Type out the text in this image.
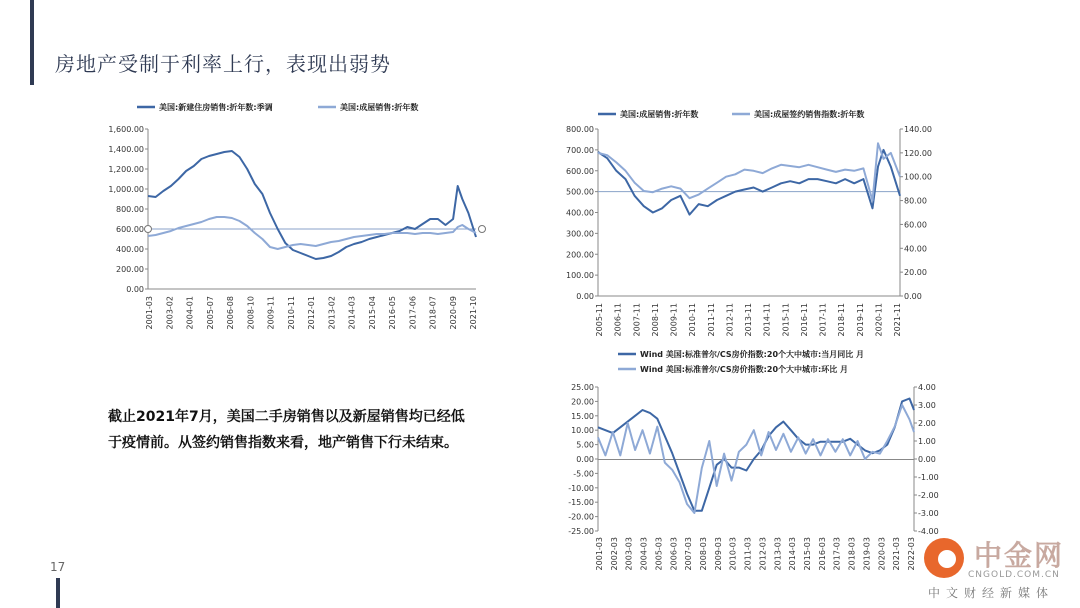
房地产受制于利率上行，表现出弱势
17
截止2021年7月，美国二手房销售以及新屋销售均已经低
于疫情前。从签约销售指数来看，地产销售下行未结束。
美国:新建住房销售:折年数:季调	美国:成屋销售:折年数
1,600.00
1,400.00
1,200.00
1,000.00
800.00
600.00
400.00
200.00
0.00
2001-03 2003-02 2004-01 2005-07 2006-08 2008-10 2009-11 2010-11 2012-01 2013-02 2014-03 2015-04 2016-05 2017-06 2018-07 2020-09 2021-10
美国:成屋销售:折年数	美国:成屋签约销售指数:折年数
800.00
700.00
600.00
500.00
400.00
300.00
200.00
100.00
0.00
140.00
120.00
100.00
80.00
60.00
40.00
20.00
0.00
2005-11 2006-11 2007-11 2008-11 2009-11 2010-11 2011-11 2012-11 2013-11 2014-11 2015-11 2016-11 2017-11 2018-11 2019-11 2020-11 2021-11
Wind 美国:标准普尔/CS房价指数:20个大中城市:当月同比 月
Wind 美国:标准普尔/CS房价指数:20个大中城市:环比 月
25.00
20.00
15.00
10.00
5.00
0.00
-5.00
-10.00
-15.00
-20.00
-25.00
4.00
3.00
2.00
1.00
0.00
-1.00
-2.00
-3.00
-4.00
2001-03 2002-03 2003-03 2004-03 2005-03 2006-03 2007-03 2008-03 2009-03 2010-03 2011-03 2012-03 2013-03 2014-03 2015-03 2016-03 2017-03 2018-03 2019-03 2020-03 2021-03 2022-03 中金网
CNGOLD.COM.CN
中文财经新媒体
